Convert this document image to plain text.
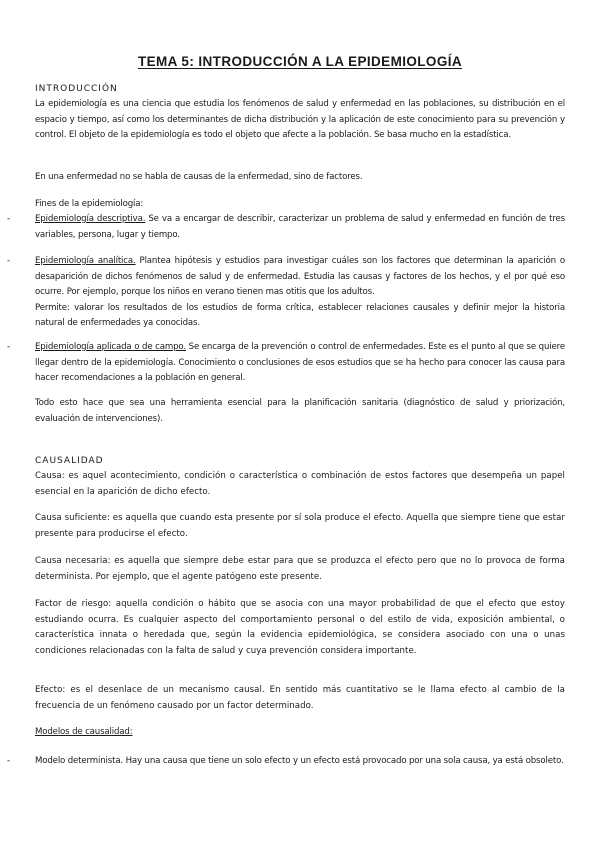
TEMA 5: INTRODUCCIÓN A LA EPIDEMIOLOGÍA
INTRODUCCIÓN
La epidemiología es una ciencia que estudia los fenómenos de salud y enfermedad en las poblaciones, su distribución en el espacio y tiempo, así como los determinantes de dicha distribución y la aplicación de este conocimiento para su prevención y control. El objeto de la epidemiología es todo el objeto que afecte a la población. Se basa mucho en la estadística.
En una enfermedad no se habla de causas de la enfermedad, sino de factores.
Fines de la epidemiología:
-	Epidemiología descriptiva. Se va a encargar de describir, caracterizar un problema de salud y enfermedad en función de tres variables, persona, lugar y tiempo.
-	Epidemiología analítica. Plantea hipótesis y estudios para investigar cuáles son los factores que determinan la aparición o desaparición de dichos fenómenos de salud y de enfermedad. Estudia las causas y factores de los hechos, y el por qué eso ocurre. Por ejemplo, porque los niños en verano tienen mas otitis que los adultos.
Permite: valorar los resultados de los estudios de forma crítica, establecer relaciones causales y definir mejor la historia natural de enfermedades ya conocidas.
-	Epidemiología aplicada o de campo. Se encarga de la prevención o control de enfermedades. Este es el punto al que se quiere llegar dentro de la epidemiología. Conocimiento o conclusiones de esos estudios que se ha hecho para conocer las causa para hacer recomendaciones a la población en general.
Todo esto hace que sea una herramienta esencial para la planificación sanitaria (diagnóstico de salud y priorización, evaluación de intervenciones).
CAUSALIDAD
Causa: es aquel acontecimiento, condición o característica o combinación de estos factores que desempeña un papel esencial en la aparición de dicho efecto.
Causa suficiente: es aquella que cuando esta presente por sí sola produce el efecto. Aquella que siempre tiene que estar presente para producirse el efecto.
Causa necesaria: es aquella que siempre debe estar para que se produzca el efecto pero que no lo provoca de forma determinista. Por ejemplo, que el agente patógeno este presente.
Factor de riesgo: aquella condición o hábito que se asocia con una mayor probabilidad de que el efecto que estoy estudiando ocurra. Es cualquier aspecto del comportamiento personal o del estilo de vida, exposición ambiental, o característica innata o heredada que, según la evidencia epidemiológica, se considera asociado con una o unas condiciones relacionadas con la falta de salud y cuya prevención considera importante.
Efecto: es el desenlace de un mecanismo causal. En sentido más cuantitativo se le llama efecto al cambio de la frecuencia de un fenómeno causado por un factor determinado.
Modelos de causalidad:
-	Modelo determinista. Hay una causa que tiene un solo efecto y un efecto está provocado por una sola causa, ya está obsoleto.
